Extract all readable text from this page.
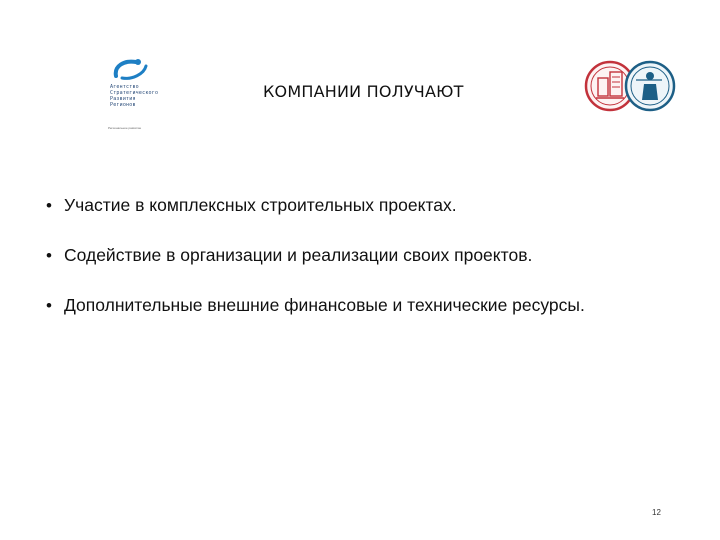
Агентство
Стратегического
Развития
Регионов
Региональное развитие
КОМПАНИИ ПОЛУЧАЮТ
• Участие в комплексных строительных проектах.
• Содействие в организации и реализации своих проектов.
• Дополнительные внешние финансовые и технические ресурсы.
12
